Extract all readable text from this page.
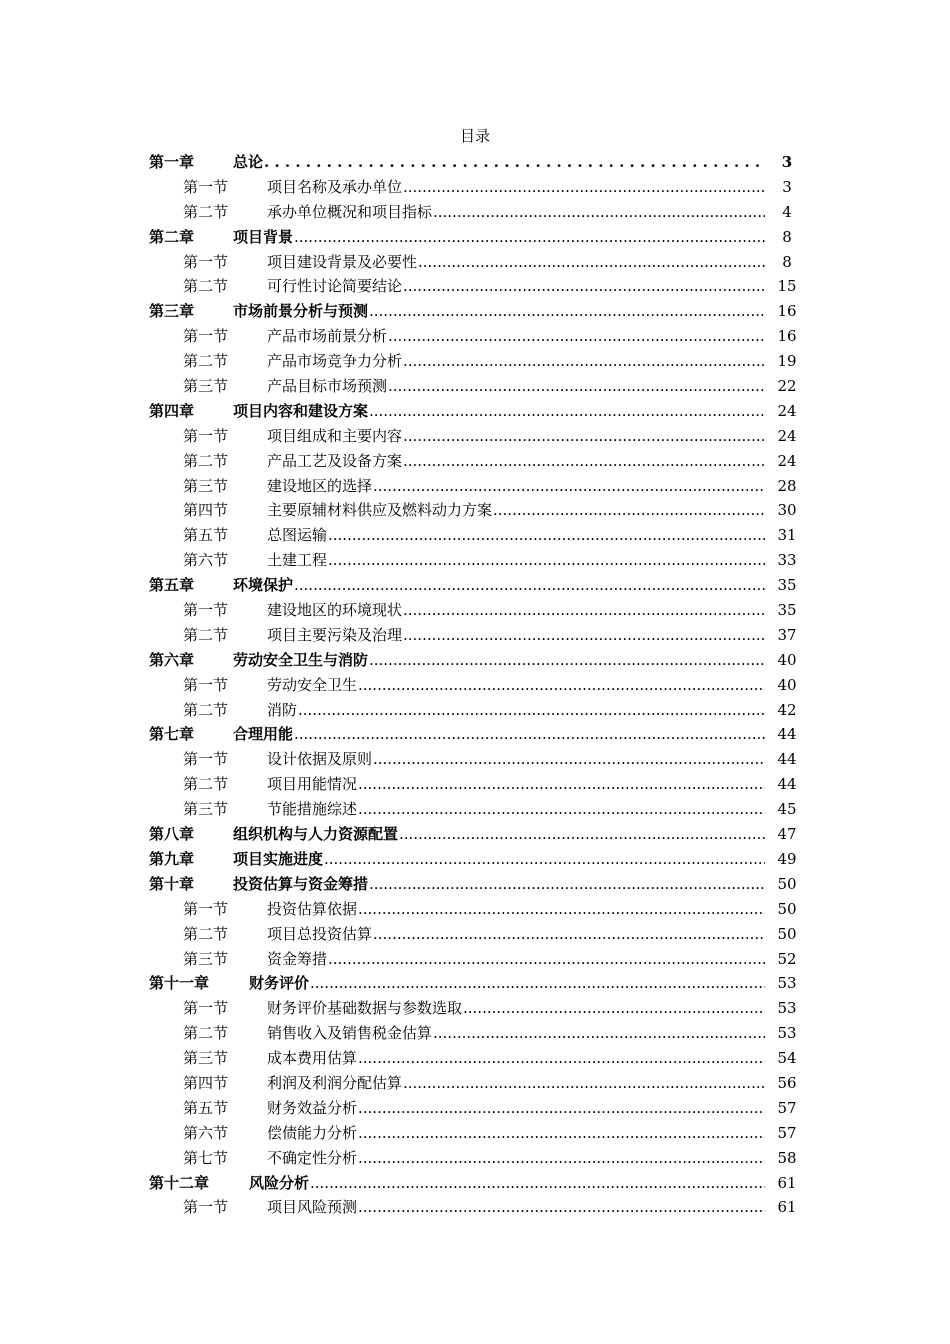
目录
. . .
第一章	总论	3
.....
第一节	项目名称及承办单位	3
.....
第二节	承办单位概况和项目指标	4
.....
第二章	项目背景	8
.....
第一节	项目建设背景及必要性	8
.....
第二节	可行性讨论简要结论	15
.....
第三章	市场前景分析与预测	16
.....
第一节	产品市场前景分析	16
.....
第二节	产品市场竞争力分析	19
.....
第三节	产品目标市场预测	22
.....
第四章	项目内容和建设方案	24
.....
第一节	项目组成和主要内容	24
.....
第二节	产品工艺及设备方案	24
.....
第三节	建设地区的选择	28
.....
第四节	主要原辅材料供应及燃料动力方案	30
.....
第五节	总图运输	31
.....
第六节	土建工程	33
.....
第五章	环境保护	35
.....
第一节	建设地区的环境现状	35
.....
第二节	项目主要污染及治理	37
.....
第六章	劳动安全卫生与消防	40
.....
第一节	劳动安全卫生	40
.....
第二节	消防	42
.....
第七章	合理用能	44
.....
第一节	设计依据及原则	44
.....
第二节	项目用能情况	44
.....
第三节	节能措施综述	45
.....
第八章	组织机构与人力资源配置	47
.....
第九章	项目实施进度	49
.....
第十章	投资估算与资金筹措	50
.....
第一节	投资估算依据	50
.....
第二节	项目总投资估算	50
.....
第三节	资金筹措	52
.....
第十一章	财务评价	53
.....
第一节	财务评价基础数据与参数选取	53
.....
第二节	销售收入及销售税金估算	53
.....
第三节	成本费用估算	54
.....
第四节	利润及利润分配估算	56
.....
第五节	财务效益分析	57
.....
第六节	偿债能力分析	57
.....
第七节	不确定性分析	58
.....
第十二章	风险分析	61
.....
第一节	项目风险预测	61
